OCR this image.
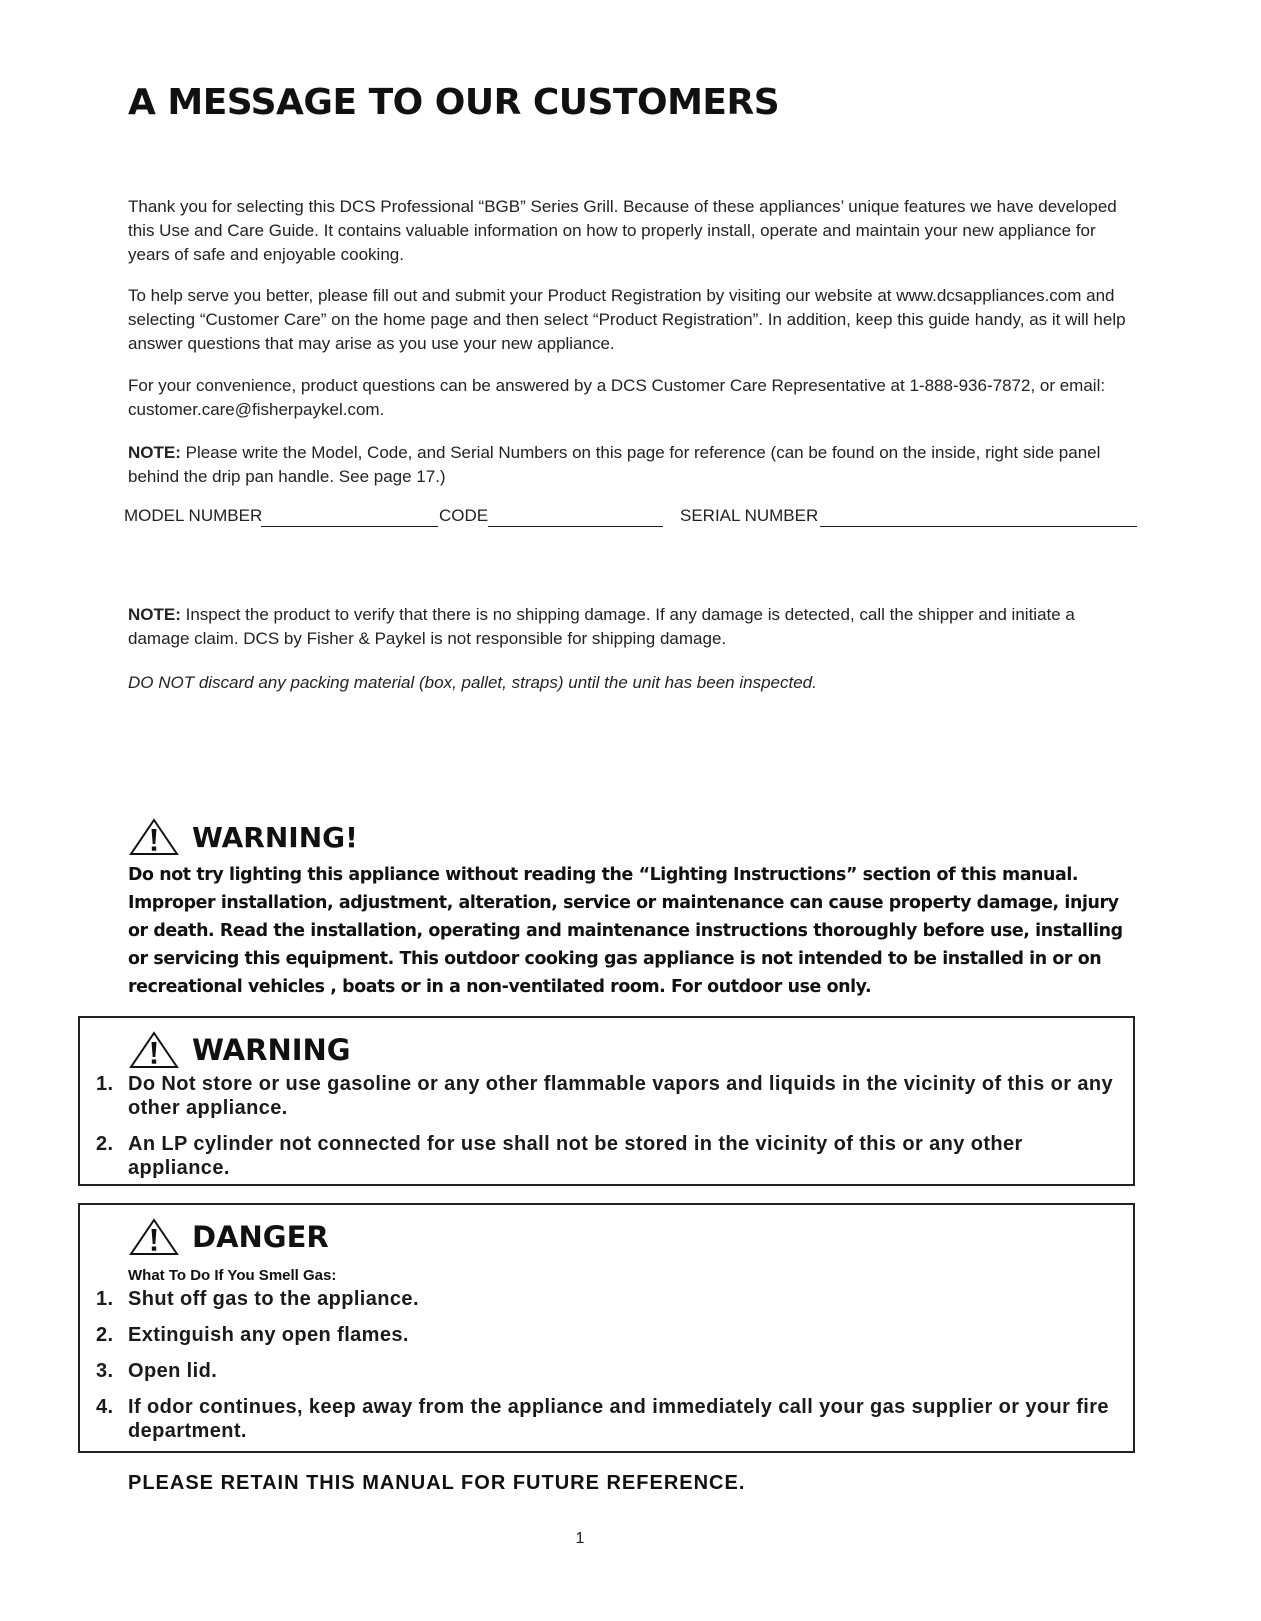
A MESSAGE TO OUR CUSTOMERS

Thank you for selecting this DCS Professional “BGB” Series Grill. Because of these appliances’ unique features we have developed this Use and Care Guide. It contains valuable information on how to properly install, operate and maintain your new appliance for years of safe and enjoyable cooking.

To help serve you better, please fill out and submit your Product Registration by visiting our website at www.dcsappliances.com and selecting “Customer Care” on the home page and then select “Product Registration”. In addition, keep this guide handy, as it will help answer questions that may arise as you use your new appliance.

For your convenience, product questions can be answered by a DCS Customer Care Representative at 1-888-936-7872, or email: customer.care@fisherpaykel.com.

NOTE: Please write the Model, Code, and Serial Numbers on this page for reference (can be found on the inside, right side panel behind the drip pan handle. See page 17.)

MODEL NUMBER	CODE	SERIAL NUMBER

NOTE: Inspect the product to verify that there is no shipping damage. If any damage is detected, call the shipper and initiate a damage claim. DCS by Fisher & Paykel is not responsible for shipping damage.

DO NOT discard any packing material (box, pallet, straps) until the unit has been inspected.

WARNING!

Do not try lighting this appliance without reading the “Lighting Instructions” section of this manual. Improper installation, adjustment, alteration, service or maintenance can cause property damage, injury or death. Read the installation, operating and maintenance instructions thoroughly before use, installing or servicing this equipment. This outdoor cooking gas appliance is not intended to be installed in or on recreational vehicles , boats or in a non-ventilated room. For outdoor use only.

WARNING
1. Do Not store or use gasoline or any other flammable vapors and liquids in the vicinity of this or any other appliance.
2. An LP cylinder not connected for use shall not be stored in the vicinity of this or any other appliance.
DANGER

What To Do If You Smell Gas:

1. Shut off gas to the appliance.
2. Extinguish any open flames.
3. Open lid.
4. If odor continues, keep away from the appliance and immediately call your gas supplier or your fire department.

PLEASE RETAIN THIS MANUAL FOR FUTURE REFERENCE.

1
